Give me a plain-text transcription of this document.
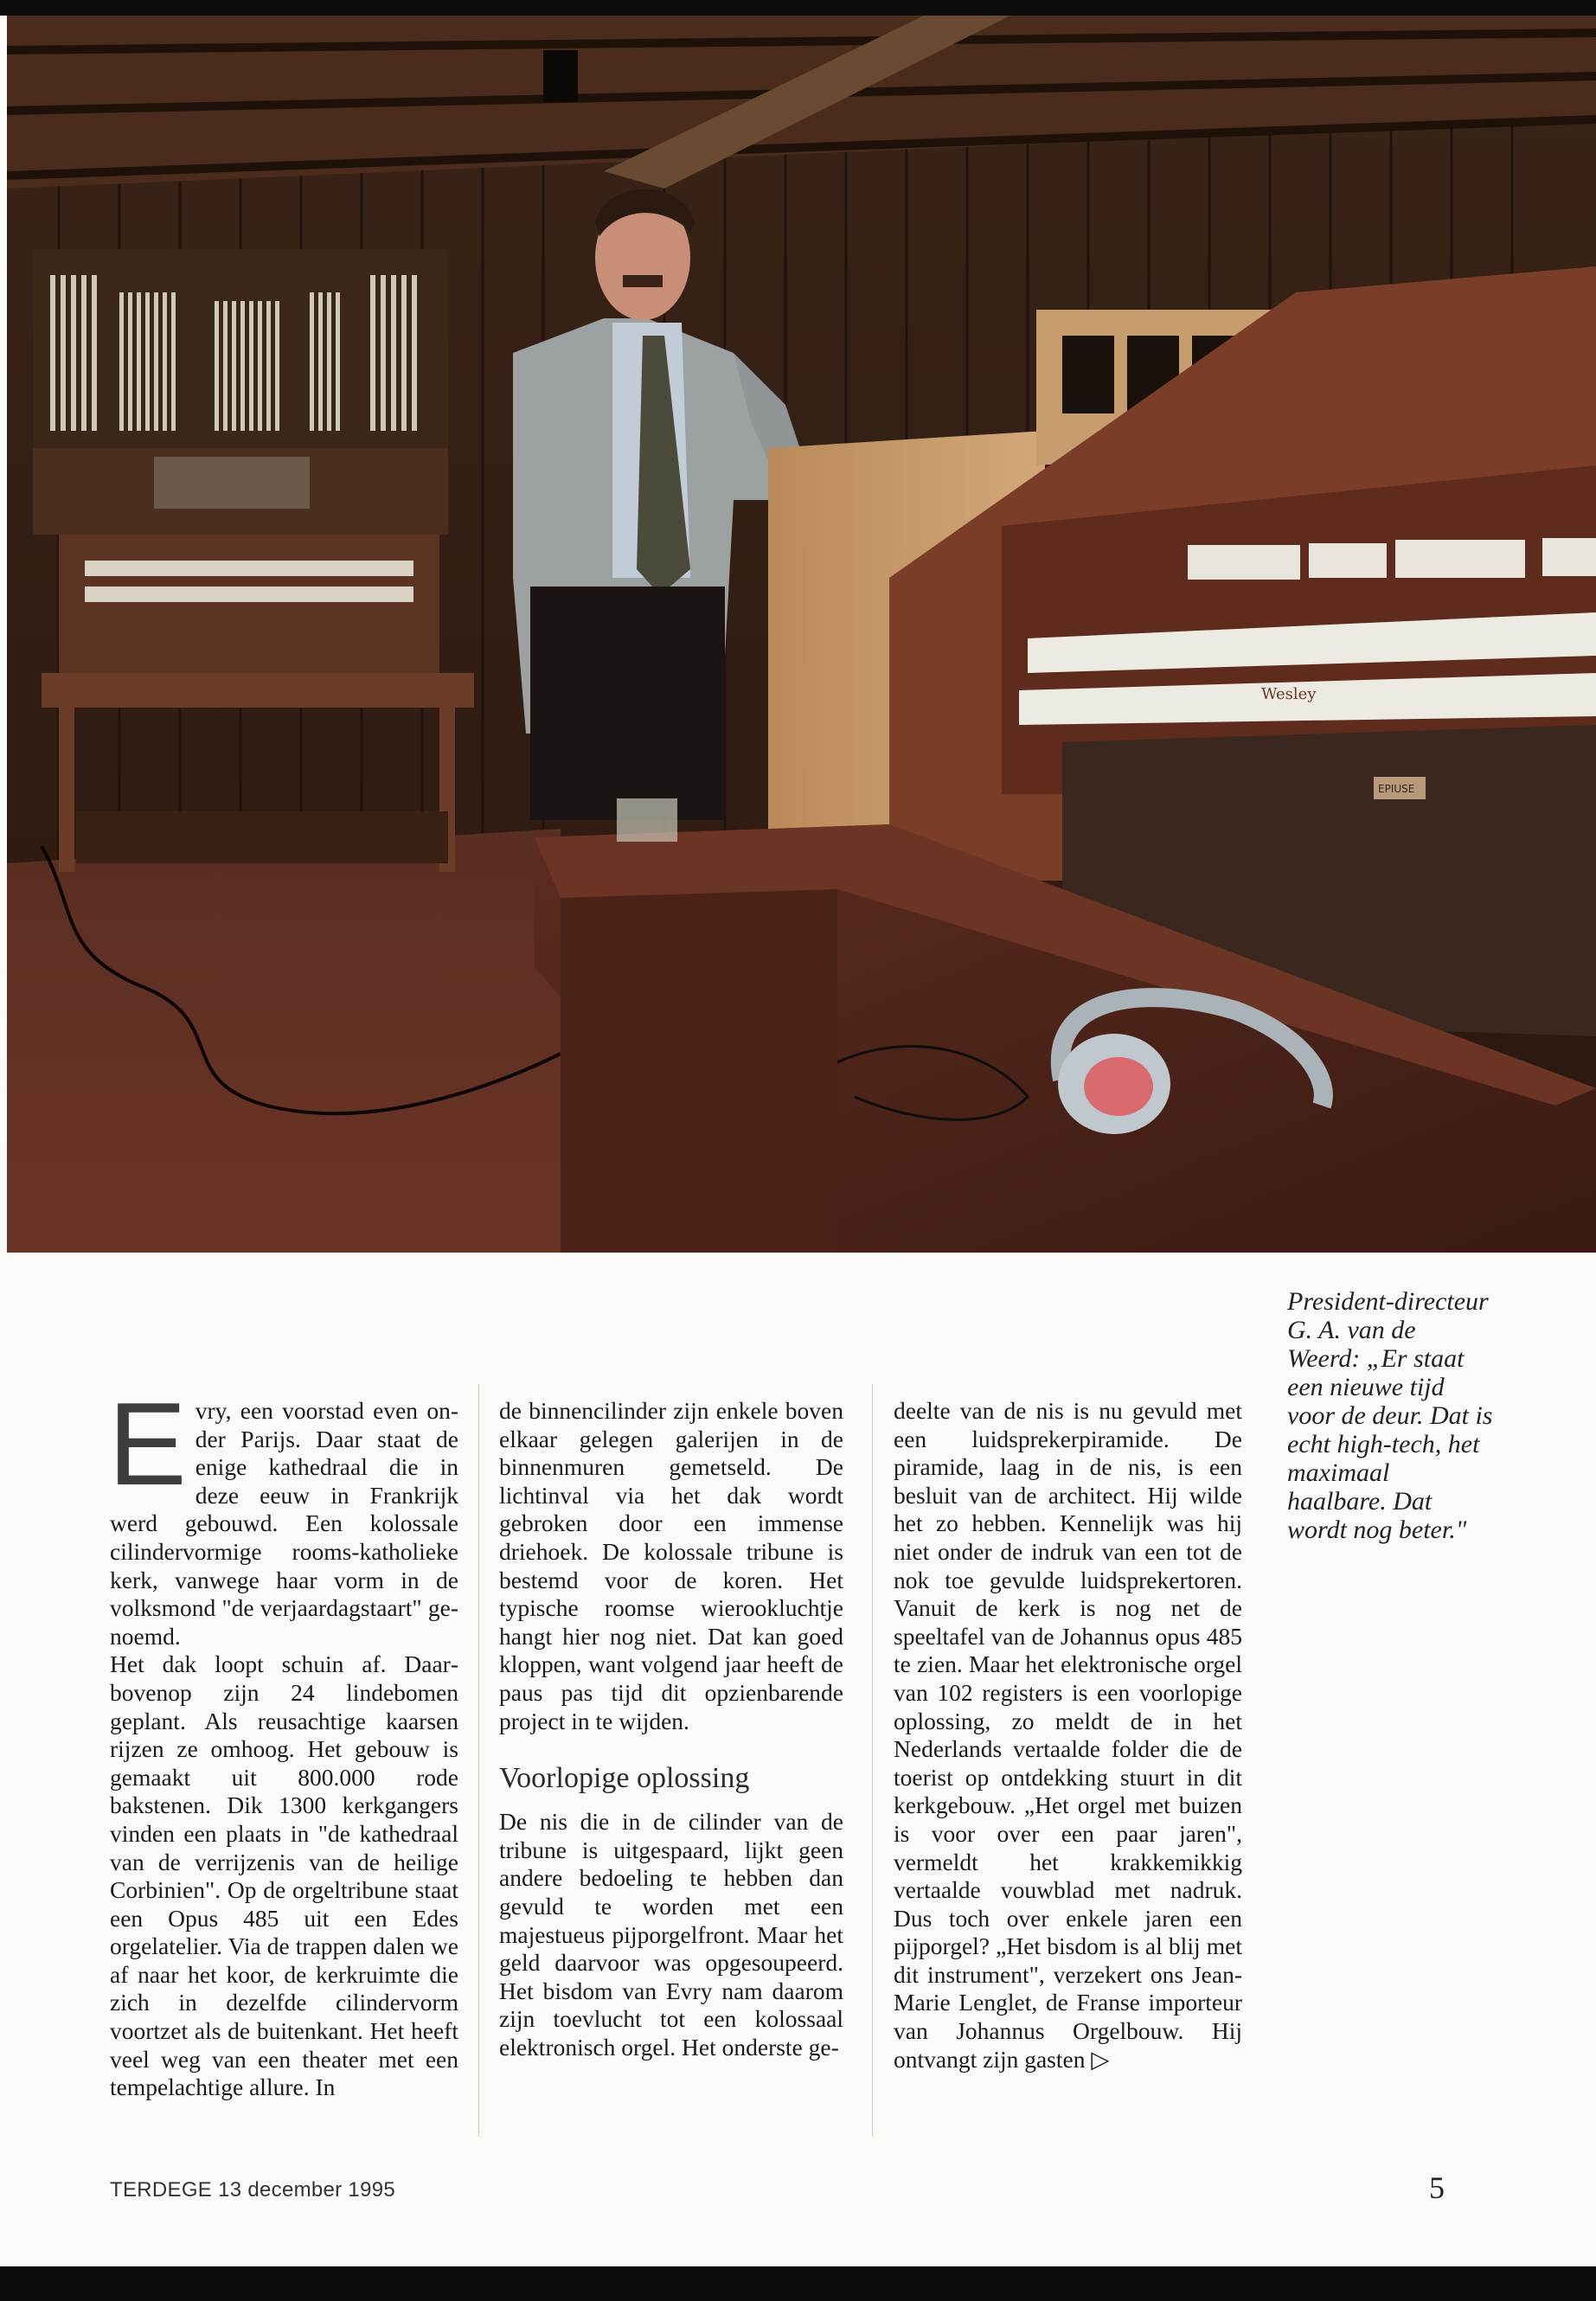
Wesley
EPIUSE
E vry, een voorstad even onder Parijs. Daar staat de enige kathedraal die in deze eeuw in Frankrijk werd gebouwd. Een kolossale cilindervormige rooms-katholieke kerk, vanwege haar vorm in de volksmond "de verjaardagstaart" genoemd.

Het dak loopt schuin af. Daarbovenop zijn 24 lindebomen geplant. Als reusachtige kaarsen rijzen ze omhoog. Het gebouw is gemaakt uit 800.000 rode bakstenen. Dik 1300 kerkgangers vinden een plaats in "de kathedraal van de verrijzenis van de heilige Corbinien". Op de orgeltribune staat een Opus 485 uit een Edes orgelatelier. Via de trappen dalen we af naar het koor, de kerkruimte die zich in dezelfde cilindervorm voortzet als de buitenkant. Het heeft veel weg van een theater met een tempelachtige allure. In

de binnencilinder zijn enkele boven elkaar gelegen galerijen in de binnenmuren gemetseld. De lichtinval via het dak wordt gebroken door een immense driehoek. De kolossale tribune is bestemd voor de koren. Het typische roomse wierookluchtje hangt hier nog niet. Dat kan goed kloppen, want volgend jaar heeft de paus pas tijd dit opzienbarende project in te wijden.

Voorlopige oplossing

De nis die in de cilinder van de tribune is uitgespaard, lijkt geen andere bedoeling te hebben dan gevuld te worden met een majestueus pijporgelfront. Maar het geld daarvoor was opgesoupeerd. Het bisdom van Evry nam daarom zijn toevlucht tot een kolossaal elektronisch orgel. Het onderste ge-

deelte van de nis is nu gevuld met een luidsprekerpiramide. De piramide, laag in de nis, is een besluit van de architect. Hij wilde het zo hebben. Kennelijk was hij niet onder de indruk van een tot de nok toe gevulde luidsprekertoren. Vanuit de kerk is nog net de speeltafel van de Johannus opus 485 te zien. Maar het elektronische orgel van 102 registers is een voorlopige oplossing, zo meldt de in het Nederlands vertaalde folder die de toerist op ontdekking stuurt in dit kerkgebouw. „Het orgel met buizen is voor over een paar jaren", vermeldt het krakkemikkig vertaalde vouwblad met nadruk. Dus toch over enkele jaren een pijporgel? „Het bisdom is al blij met dit instrument", verzekert ons Jean-Marie Lenglet, de Franse importeur van Johannus Orgelbouw. Hij ontvangt zijn gasten ▷

President-directeur G. A. van de Weerd: „Er staat een nieuwe tijd voor de deur. Dat is echt high-tech, het maximaal haalbare. Dat wordt nog beter."
TERDEGE 13 december 1995	5
